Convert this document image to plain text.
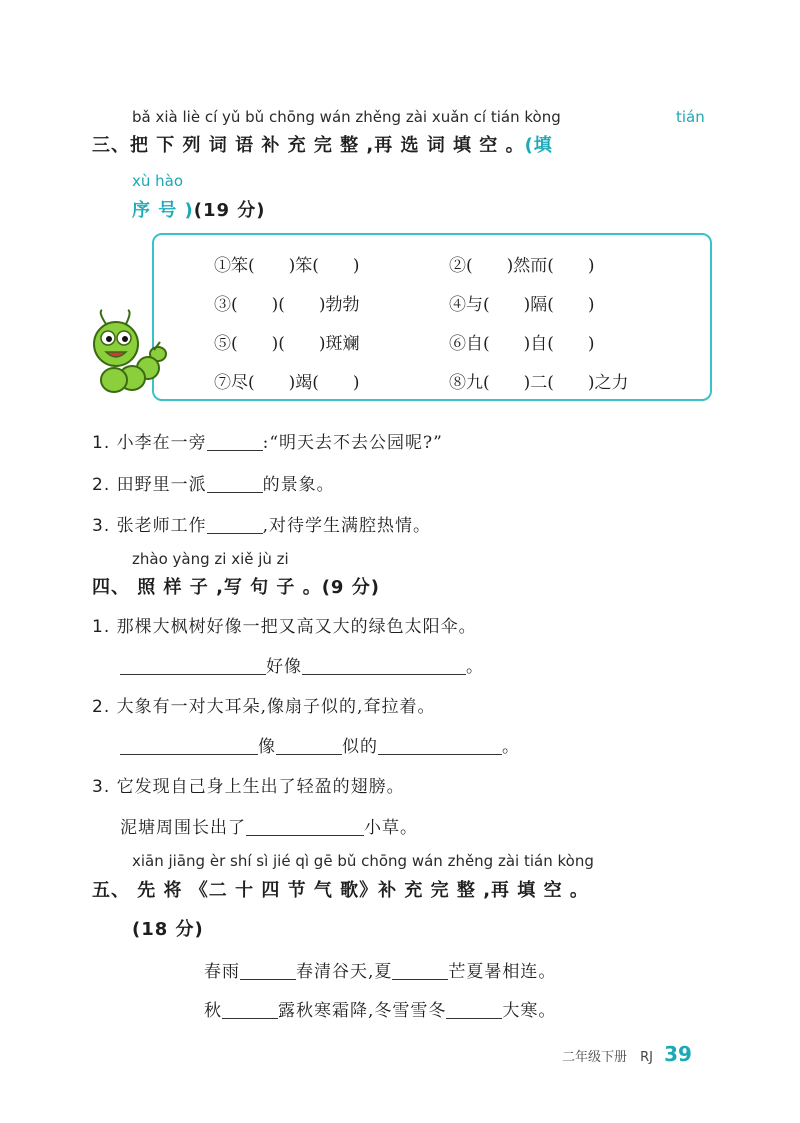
bǎ xià liè cí yǔ bǔ chōng wán zhěng zài xuǎn cí tián kòng	tián
三、把 下 列 词 语 补 充 完 整 ,再 选 词 填 空 。(填
xù hào
序 号 )(19 分)
①笨(　　)笨(　　)	②(　　)然而(　　)
③(　　)(　　)勃勃	④与(　　)隔(　　)
⑤(　　)(　　)斑斓	⑥自(　　)自(　　)
⑦尽(　　)竭(　　)	⑧九(　　)二(　　)之力
1. 小李在一旁	:“明天去不去公园呢?”
2. 田野里一派	的景象。
3. 张老师工作	,对待学生满腔热情。
zhào yàng zi xiě jù zi
四、 照 样 子 ,写 句 子 。(9 分)
1. 那棵大枫树好像一把又高又大的绿色太阳伞。
好像	。
2. 大象有一对大耳朵,像扇子似的,耷拉着。
像	似的	。
3. 它发现自己身上生出了轻盈的翅膀。
泥塘周围长出了	小草。
xiān jiāng èr shí sì jié qì gē bǔ chōng wán zhěng zài tián kòng
五、 先 将 《二 十 四 节 气 歌》补 充 完 整 ,再 填 空 。
(18 分)
春雨	春清谷天,夏	芒夏暑相连。
秋	露秋寒霜降,冬雪雪冬	大寒。
二年级下册 RJ 39
